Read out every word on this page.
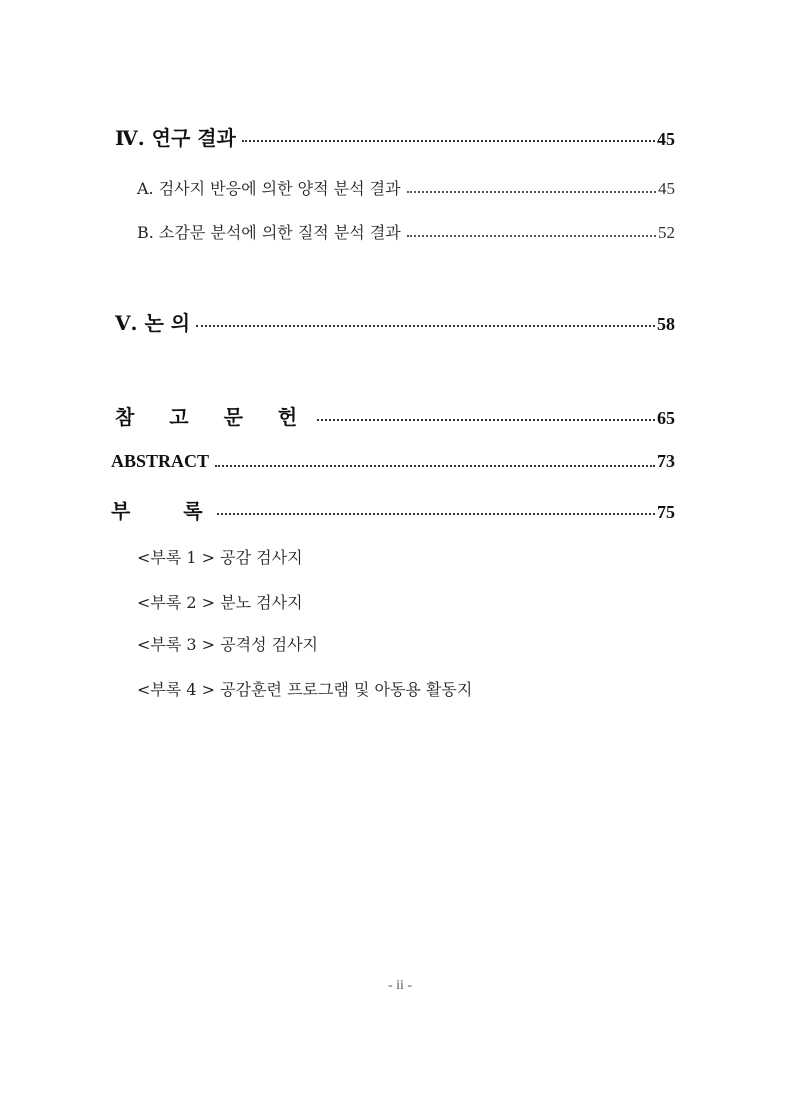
Ⅳ. 연구 결과	45
A. 검사지 반응에 의한 양적 분석 결과	45
B. 소감문 분석에 의한 질적 분석 결과	52
Ⅴ. 논 의	58
참 고 문 헌	65
ABSTRACT	73
부   록	75
<부록 1 > 공감 검사지
<부록 2 > 분노 검사지
<부록 3 > 공격성 검사지
<부록 4 > 공감훈련 프로그램 및 아동용 활동지
- ii -
